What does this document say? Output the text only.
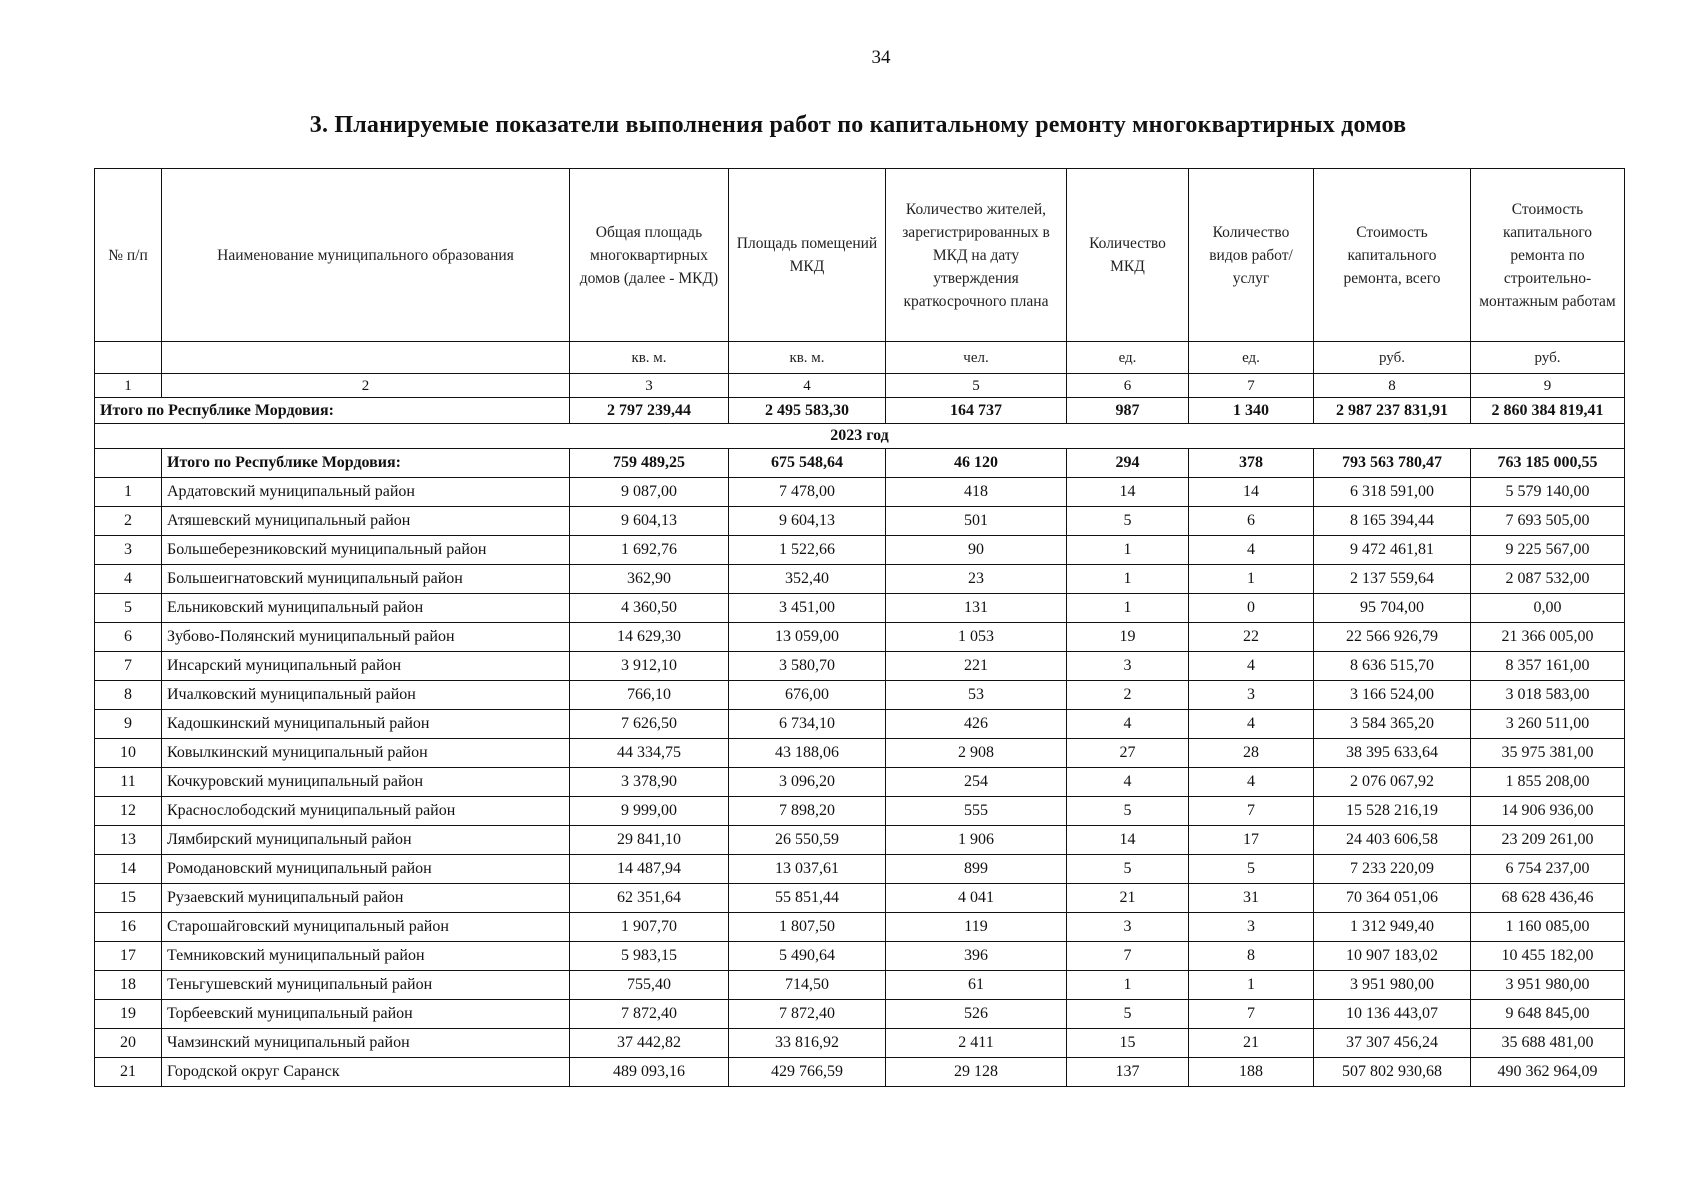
34
3. Планируемые показатели выполнения работ по капитальному ремонту многоквартирных домов
№ п/п	Наименование муниципального образования	Общая площадь многоквартирных домов (далее - МКД)	Площадь помещений МКД	Количество жителей, зарегистрированных в МКД на дату утверждения краткосрочного плана	Количество МКД	Количество видов работ/услуг	Стоимость капитального ремонта, всего	Стоимость капитального ремонта по строительно-монтажным работам
		кв. м.	кв. м.	чел.	ед.	ед.	руб.	руб.
1	2	3	4	5	6	7	8	9
Итого по Республике Мордовия:		2 797 239,44	2 495 583,30	164 737	987	1 340	2 987 237 831,91	2 860 384 819,41
2023 год								
	Итого по Республике Мордовия:	759 489,25	675 548,64	46 120	294	378	793 563 780,47	763 185 000,55
1	Ардатовский муниципальный район	9 087,00	7 478,00	418	14	14	6 318 591,00	5 579 140,00
2	Атяшевский муниципальный район	9 604,13	9 604,13	501	5	6	8 165 394,44	7 693 505,00
3	Большеберезниковский муниципальный район	1 692,76	1 522,66	90	1	4	9 472 461,81	9 225 567,00
4	Большеигнатовский муниципальный район	362,90	352,40	23	1	1	2 137 559,64	2 087 532,00
5	Ельниковский муниципальный район	4 360,50	3 451,00	131	1	0	95 704,00	0,00
6	Зубово-Полянский муниципальный район	14 629,30	13 059,00	1 053	19	22	22 566 926,79	21 366 005,00
7	Инсарский муниципальный район	3 912,10	3 580,70	221	3	4	8 636 515,70	8 357 161,00
8	Ичалковский муниципальный район	766,10	676,00	53	2	3	3 166 524,00	3 018 583,00
9	Кадошкинский муниципальный район	7 626,50	6 734,10	426	4	4	3 584 365,20	3 260 511,00
10	Ковылкинский муниципальный район	44 334,75	43 188,06	2 908	27	28	38 395 633,64	35 975 381,00
11	Кочкуровский муниципальный район	3 378,90	3 096,20	254	4	4	2 076 067,92	1 855 208,00
12	Краснослободский муниципальный район	9 999,00	7 898,20	555	5	7	15 528 216,19	14 906 936,00
13	Лямбирский муниципальный район	29 841,10	26 550,59	1 906	14	17	24 403 606,58	23 209 261,00
14	Ромодановский муниципальный район	14 487,94	13 037,61	899	5	5	7 233 220,09	6 754 237,00
15	Рузаевский муниципальный район	62 351,64	55 851,44	4 041	21	31	70 364 051,06	68 628 436,46
16	Старошайговский муниципальный район	1 907,70	1 807,50	119	3	3	1 312 949,40	1 160 085,00
17	Темниковский муниципальный район	5 983,15	5 490,64	396	7	8	10 907 183,02	10 455 182,00
18	Теньгушевский муниципальный район	755,40	714,50	61	1	1	3 951 980,00	3 951 980,00
19	Торбеевский муниципальный район	7 872,40	7 872,40	526	5	7	10 136 443,07	9 648 845,00
20	Чамзинский муниципальный район	37 442,82	33 816,92	2 411	15	21	37 307 456,24	35 688 481,00
21	Городской округ Саранск	489 093,16	429 766,59	29 128	137	188	507 802 930,68	490 362 964,09
